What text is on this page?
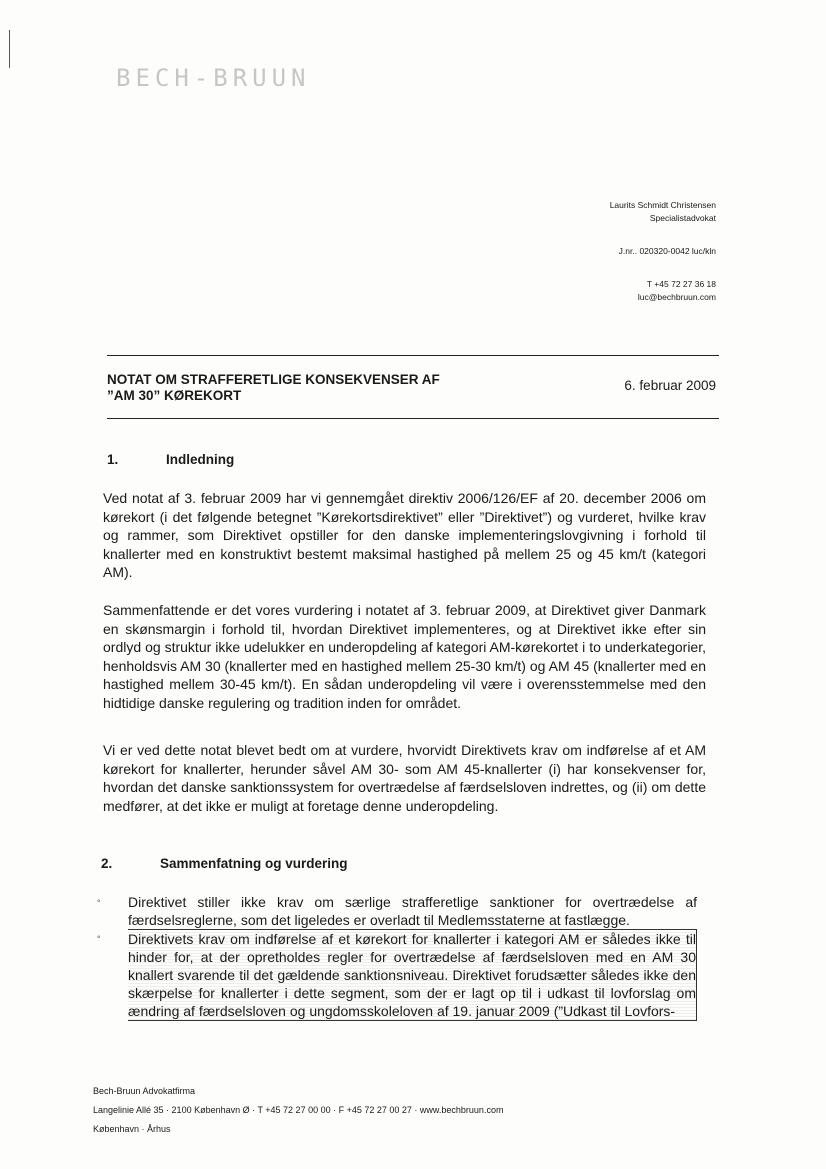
BECH-BRUUN
Laurits Schmidt Christensen
Specialistadvokat
J.nr.. 020320-0042 luc/kln
T +45 72 27 36 18
luc@bechbruun.com
NOTAT OM STRAFFERETLIGE KONSEKVENSER AF
”AM 30” KØREKORT
6. februar 2009
1.	Indledning
Ved notat af 3. februar 2009 har vi gennemgået direktiv 2006/126/EF af 20. december 2006 om kørekort (i det følgende betegnet ”Kørekortsdirektivet” eller ”Direktivet”) og vurderet, hvilke krav og rammer, som Direktivet opstiller for den danske implementeringslovgivning i forhold til knallerter med en konstruktivt bestemt maksimal hastighed på mellem 25 og 45 km/t (kategori AM).
Sammenfattende er det vores vurdering i notatet af 3. februar 2009, at Direktivet giver Danmark en skønsmargin i forhold til, hvordan Direktivet implementeres, og at Direktivet ikke efter sin ordlyd og struktur ikke udelukker en underopdeling af kategori AM-kørekortet i to underkategorier, henholdsvis AM 30 (knallerter med en hastighed mellem 25-30 km/t) og AM 45 (knallerter med en hastighed mellem 30-45 km/t). En sådan underopdeling vil være i overensstemmelse med den hidtidige danske regulering og tradition inden for området.
Vi er ved dette notat blevet bedt om at vurdere, hvorvidt Direktivets krav om indførelse af et AM kørekort for knallerter, herunder såvel AM 30- som AM 45-knallerter (i) har konsekvenser for, hvordan det danske sanktionssystem for overtrædelse af færdselsloven indrettes, og (ii) om dette medfører, at det ikke er muligt at foretage denne underopdeling.
2.	Sammenfatning og vurdering
◦ Direktivet stiller ikke krav om særlige strafferetlige sanktioner for overtrædelse af færdselsreglerne, som det ligeledes er overladt til Medlemsstaterne at fastlægge.
◦ Direktivets krav om indførelse af et kørekort for knallerter i kategori AM er således ikke til hinder for, at der opretholdes regler for overtrædelse af færdselsloven med en AM 30 knallert svarende til det gældende sanktionsniveau. Direktivet forudsætter således ikke den skærpelse for knallerter i dette segment, som der er lagt op til i udkast til lovforslag om ændring af færdselsloven og ungdomsskoleloven af 19. januar 2009 (”Udkast til Lovfors-
Bech-Bruun Advokatfirma
Langelinie Allé 35 · 2100 København Ø · T +45 72 27 00 00 · F +45 72 27 00 27 · www.bechbruun.com
København · Århus
